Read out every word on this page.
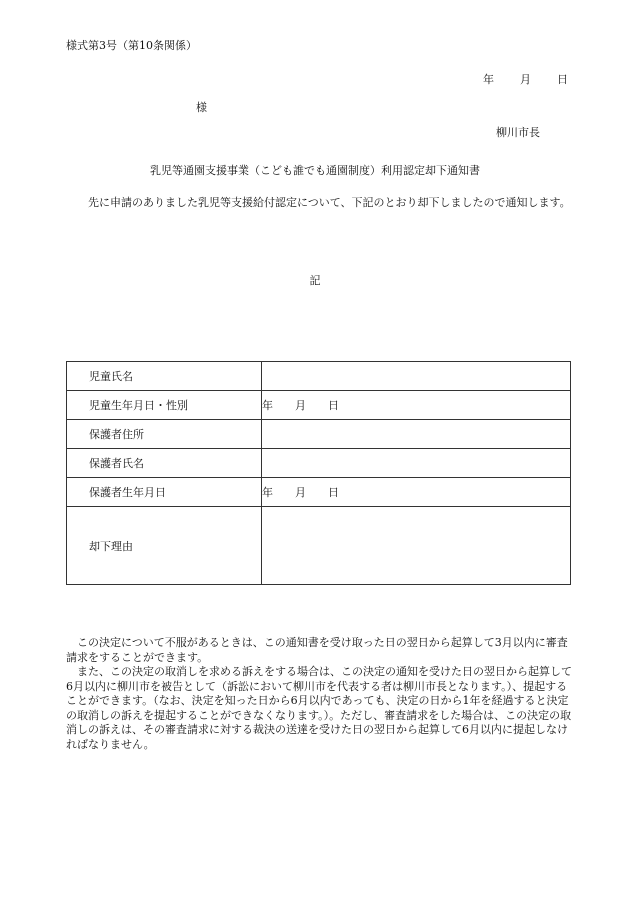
様式第3号（第10条関係）
年 月 日
様
柳川市長
乳児等通園支援事業（こども誰でも通園制度）利用認定却下通知書
先に申請のありました乳児等支援給付認定について、下記のとおり却下しましたので通知します。
記
児童氏名	
児童生年月日・性別	年 月 日
保護者住所	
保護者氏名	
保護者生年月日	年 月 日
却下理由	

この決定について不服があるときは、この通知書を受け取った日の翌日から起算して3月以内に審査請求をすることができます。

また、この決定の取消しを求める訴えをする場合は、この決定の通知を受けた日の翌日から起算して6月以内に柳川市を被告として（訴訟において柳川市を代表する者は柳川市長となります。）、提起することができます。（なお、決定を知った日から6月以内であっても、決定の日から1年を経過すると決定の取消しの訴えを提起することができなくなります。）。ただし、審査請求をした場合は、この決定の取消しの訴えは、その審査請求に対する裁決の送達を受けた日の翌日から起算して6月以内に提起しなければなりません。
